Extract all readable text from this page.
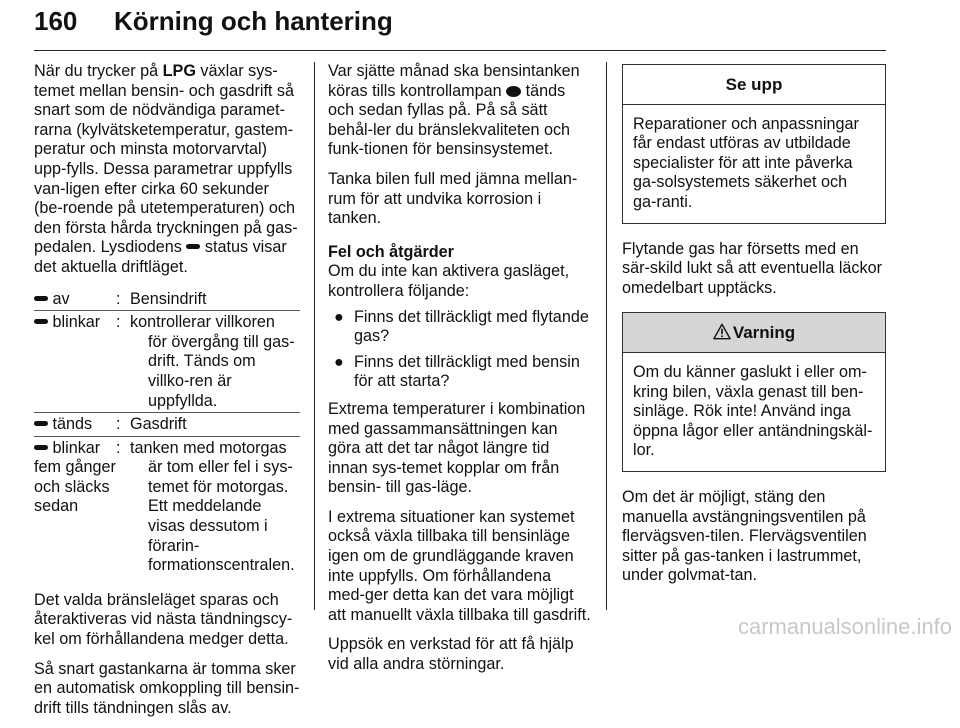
160 Körning och hantering

När du trycker på LPG växlar sys-temet mellan bensin- och gasdrift så snart som de nödvändiga paramet-rarna (kylvätsketemperatur, gastem-peratur och minsta motorvarvtal) upp-fylls. Dessa parametrar uppfylls van-ligen efter cirka 60 sekunder (be-roende på utetemperaturen) och den första hårda tryckningen på gas-pedalen. Lysdiodens  status visar det aktuella driftläget.

av	: Bensindrift
blinkar : kontrollerar villkoren
för övergång till gas-drift. Tänds om villko-ren är uppfyllda.
tänds	: Gasdrift
blinkar fem gånger och släcks sedan
: tanken med motorgas
är tom eller fel i sys-temet för motorgas. Ett meddelande visas dessutom i förarin-formationscentralen.

Det valda bränsleläget sparas och återaktiveras vid nästa tändningscy-kel om förhållandena medger detta.

Så snart gastankarna är tomma sker en automatisk omkoppling till bensin-drift tills tändningen slås av.

Var sjätte månad ska bensintanken köras tills kontrollampan  tänds och sedan fyllas på. På så sätt behål-ler du bränslekvaliteten och funk-tionen för bensinsystemet.

Tanka bilen full med jämna mellan-rum för att undvika korrosion i tanken.

Fel och åtgärder
Om du inte kan aktivera gasläget, kontrollera följande:
● Finns det tillräckligt med flytande gas?
● Finns det tillräckligt med bensin för att starta?

Extrema temperaturer i kombination med gassammansättningen kan göra att det tar något längre tid innan sys-temet kopplar om från bensin- till gas-läge.

I extrema situationer kan systemet också växla tillbaka till bensinläge igen om de grundläggande kraven inte uppfylls. Om förhållandena med-ger detta kan det vara möjligt att manuellt växla tillbaka till gasdrift.

Uppsök en verkstad för att få hjälp vid alla andra störningar.

Se upp
Reparationer och anpassningar får endast utföras av utbildade specialister för att inte påverka ga-solsystemets säkerhet och ga-ranti.

Flytande gas har försetts med en sär-skild lukt så att eventuella läckor omedelbart upptäcks.

Varning
Om du känner gaslukt i eller om-kring bilen, växla genast till ben-sinläge. Rök inte! Använd inga öppna lågor eller antändningskäl-lor.

Om det är möjligt, stäng den manuella avstängningsventilen på flervägsven-tilen. Flervägsventilen sitter på gas-tanken i lastrummet, under golvmat-tan.

carmanualsonline.info
